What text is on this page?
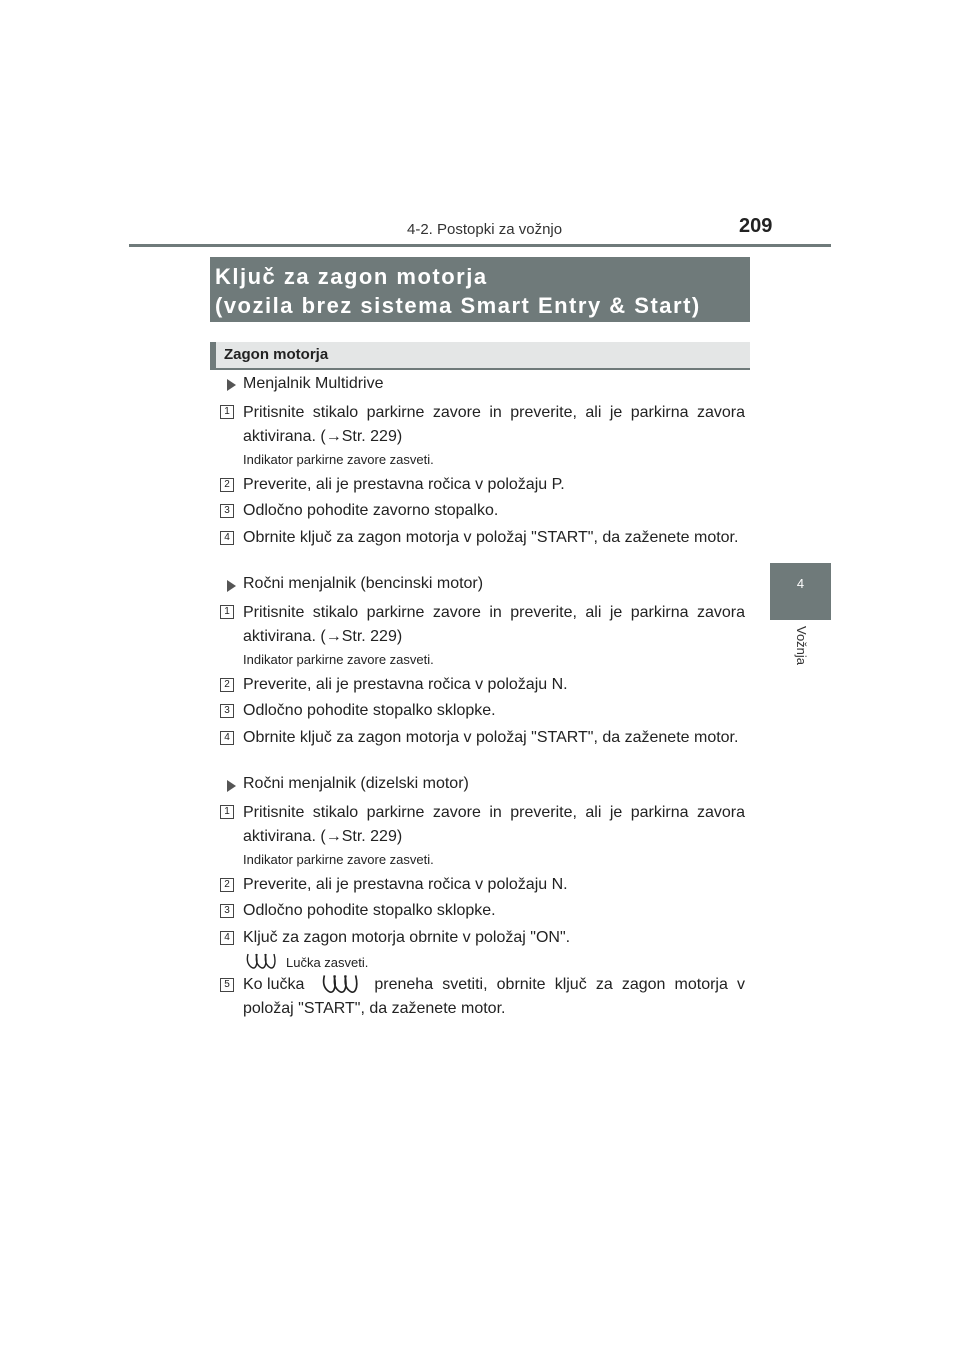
4-2. Postopki za vožnjo	209
4
Vožnja
Ključ za zagon motorja
(vozila brez sistema Smart Entry & Start)
Zagon motorja
Menjalnik Multidrive
1 Pritisnite stikalo parkirne zavore in preverite, ali je parkirna zavora aktivirana. (→Str. 229)
Indikator parkirne zavore zasveti.
2 Preverite, ali je prestavna ročica v položaju P.
3 Odločno pohodite zavorno stopalko.
4 Obrnite ključ za zagon motorja v položaj "START", da zaženete motor.
Ročni menjalnik (bencinski motor)
1 Pritisnite stikalo parkirne zavore in preverite, ali je parkirna zavora aktivirana. (→Str. 229)
Indikator parkirne zavore zasveti.
2 Preverite, ali je prestavna ročica v položaju N.
3 Odločno pohodite stopalko sklopke.
4 Obrnite ključ za zagon motorja v položaj "START", da zaženete motor.
Ročni menjalnik (dizelski motor)
1 Pritisnite stikalo parkirne zavore in preverite, ali je parkirna zavora aktivirana. (→Str. 229)
Indikator parkirne zavore zasveti.
2 Preverite, ali je prestavna ročica v položaju N.
3 Odločno pohodite stopalko sklopke.
4 Ključ za zagon motorja obrnite v položaj "ON".
Lučka zasveti.
5 Ko lučka	preneha svetiti, obrnite ključ za zagon motorja v
položaj "START", da zaženete motor.
